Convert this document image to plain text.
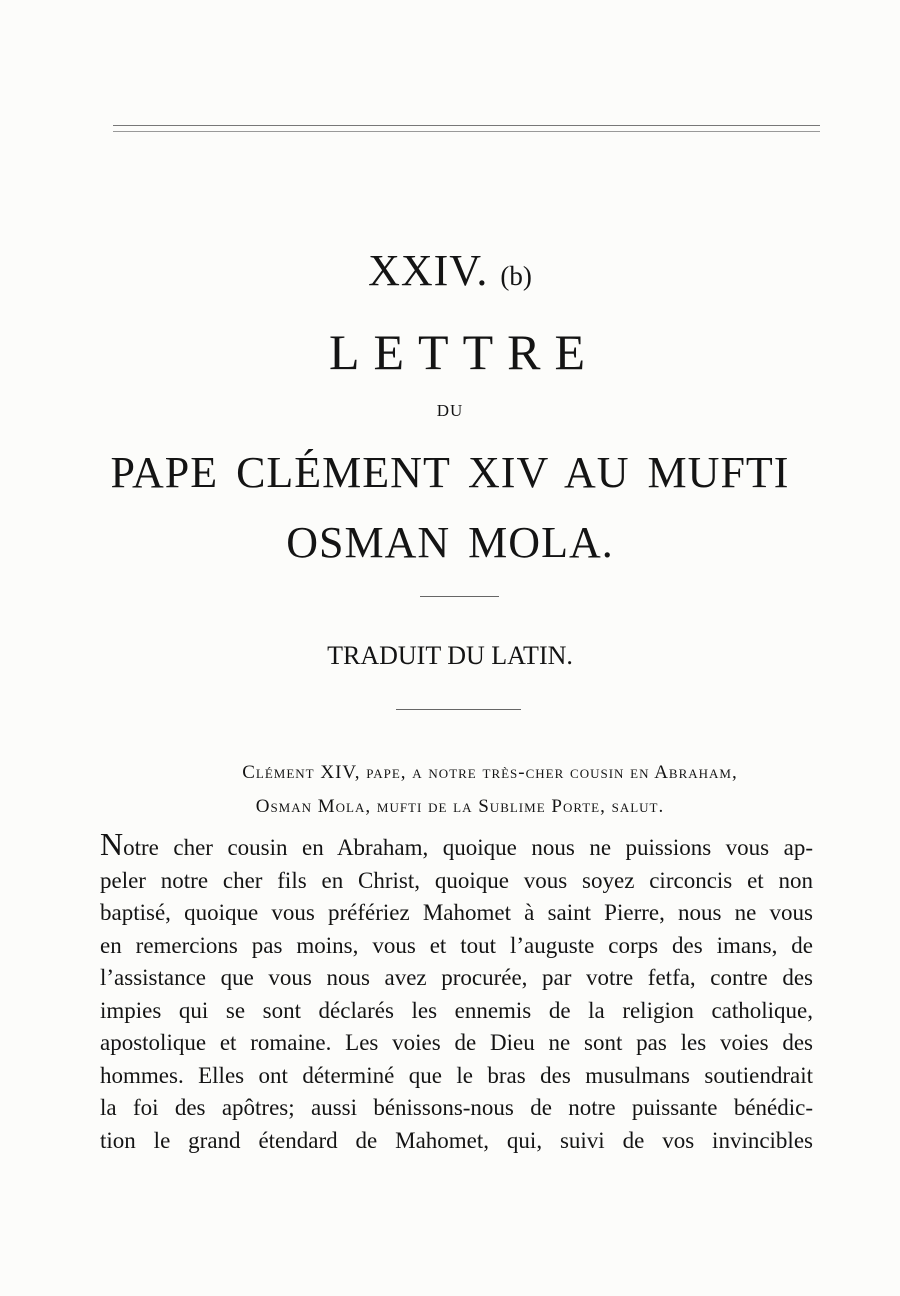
XXIV. (b)
LETTRE
DU
PAPE CLÉMENT XIV AU MUFTI
OSMAN MOLA.
TRADUIT DU LATIN.
Clément XIV, pape, a notre très-cher cousin en Abraham,
Osman Mola, mufti de la Sublime Porte, salut.
Notre cher cousin en Abraham, quoique nous ne puissions vous ap-
peler notre cher fils en Christ, quoique vous soyez circoncis et non
baptisé, quoique vous préfériez Mahomet à saint Pierre, nous ne vous
en remercions pas moins, vous et tout l’auguste corps des imans, de
l’assistance que vous nous avez procurée, par votre fetfa, contre des
impies qui se sont déclarés les ennemis de la religion catholique,
apostolique et romaine. Les voies de Dieu ne sont pas les voies des
hommes. Elles ont déterminé que le bras des musulmans soutiendrait
la foi des apôtres; aussi bénissons-nous de notre puissante bénédic-
tion le grand étendard de Mahomet, qui, suivi de vos invincibles
